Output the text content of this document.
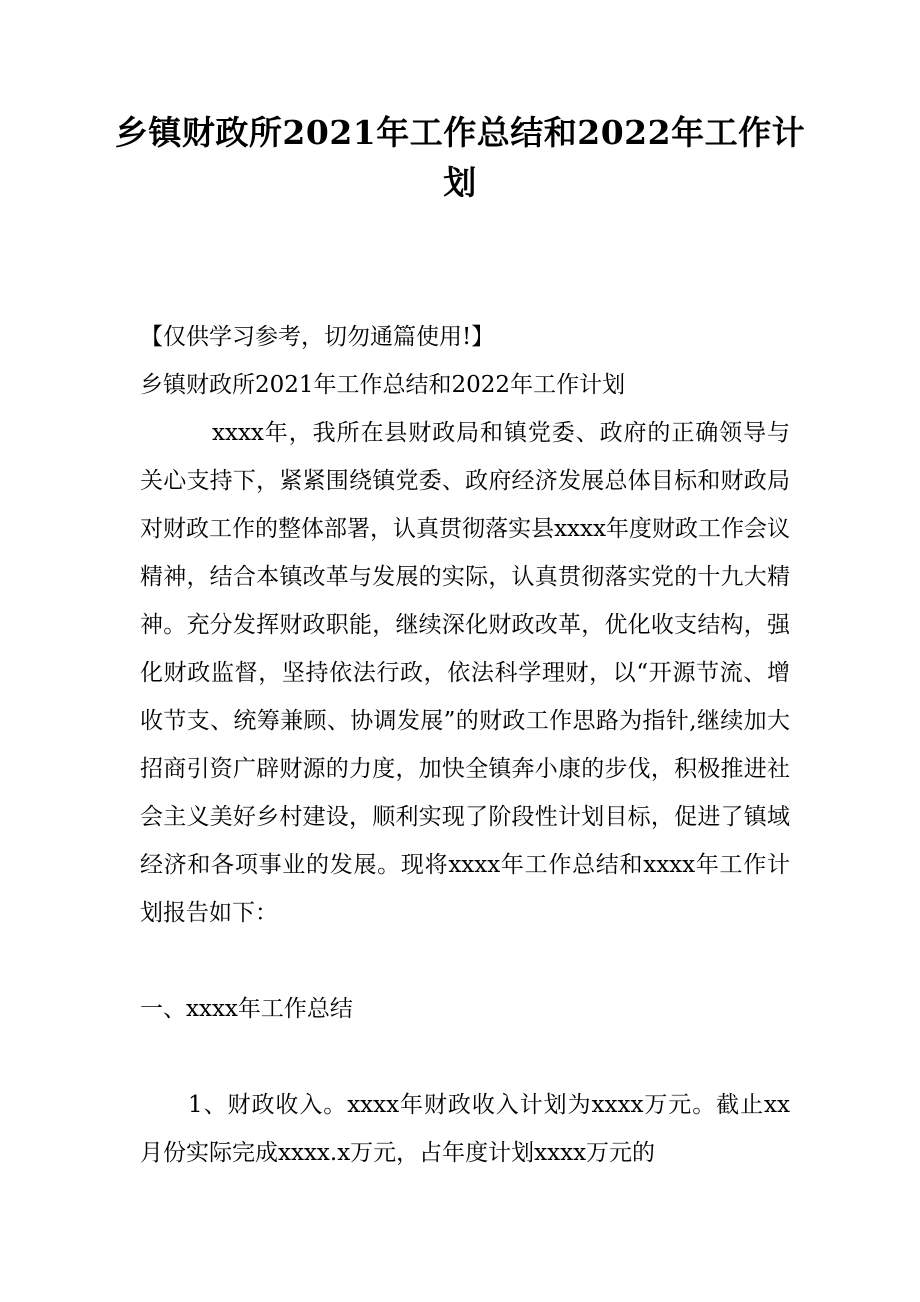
乡镇财政所2021年工作总结和2022年工作计划

【仅供学习参考，切勿通篇使用!】

乡镇财政所2021年工作总结和2022年工作计划

xxxx年，我所在县财政局和镇党委、政府的正确领导与关心支持下，紧紧围绕镇党委、政府经济发展总体目标和财政局对财政工作的整体部署，认真贯彻落实县xxxx年度财政工作会议精神，结合本镇改革与发展的实际，认真贯彻落实党的十九大精神。充分发挥财政职能，继续深化财政改革，优化收支结构，强化财政监督，坚持依法行政，依法科学理财，以“开源节流、增收节支、统筹兼顾、协调发展”的财政工作思路为指针,继续加大招商引资广辟财源的力度，加快全镇奔小康的步伐，积极推进社会主义美好乡村建设，顺利实现了阶段性计划目标，促进了镇域经济和各项事业的发展。现将xxxx年工作总结和xxxx年工作计划报告如下：

一、xxxx年工作总结

1、财政收入。xxxx年财政收入计划为xxxx万元。截止xx月份实际完成xxxx.x万元，占年度计划xxxx万元的
